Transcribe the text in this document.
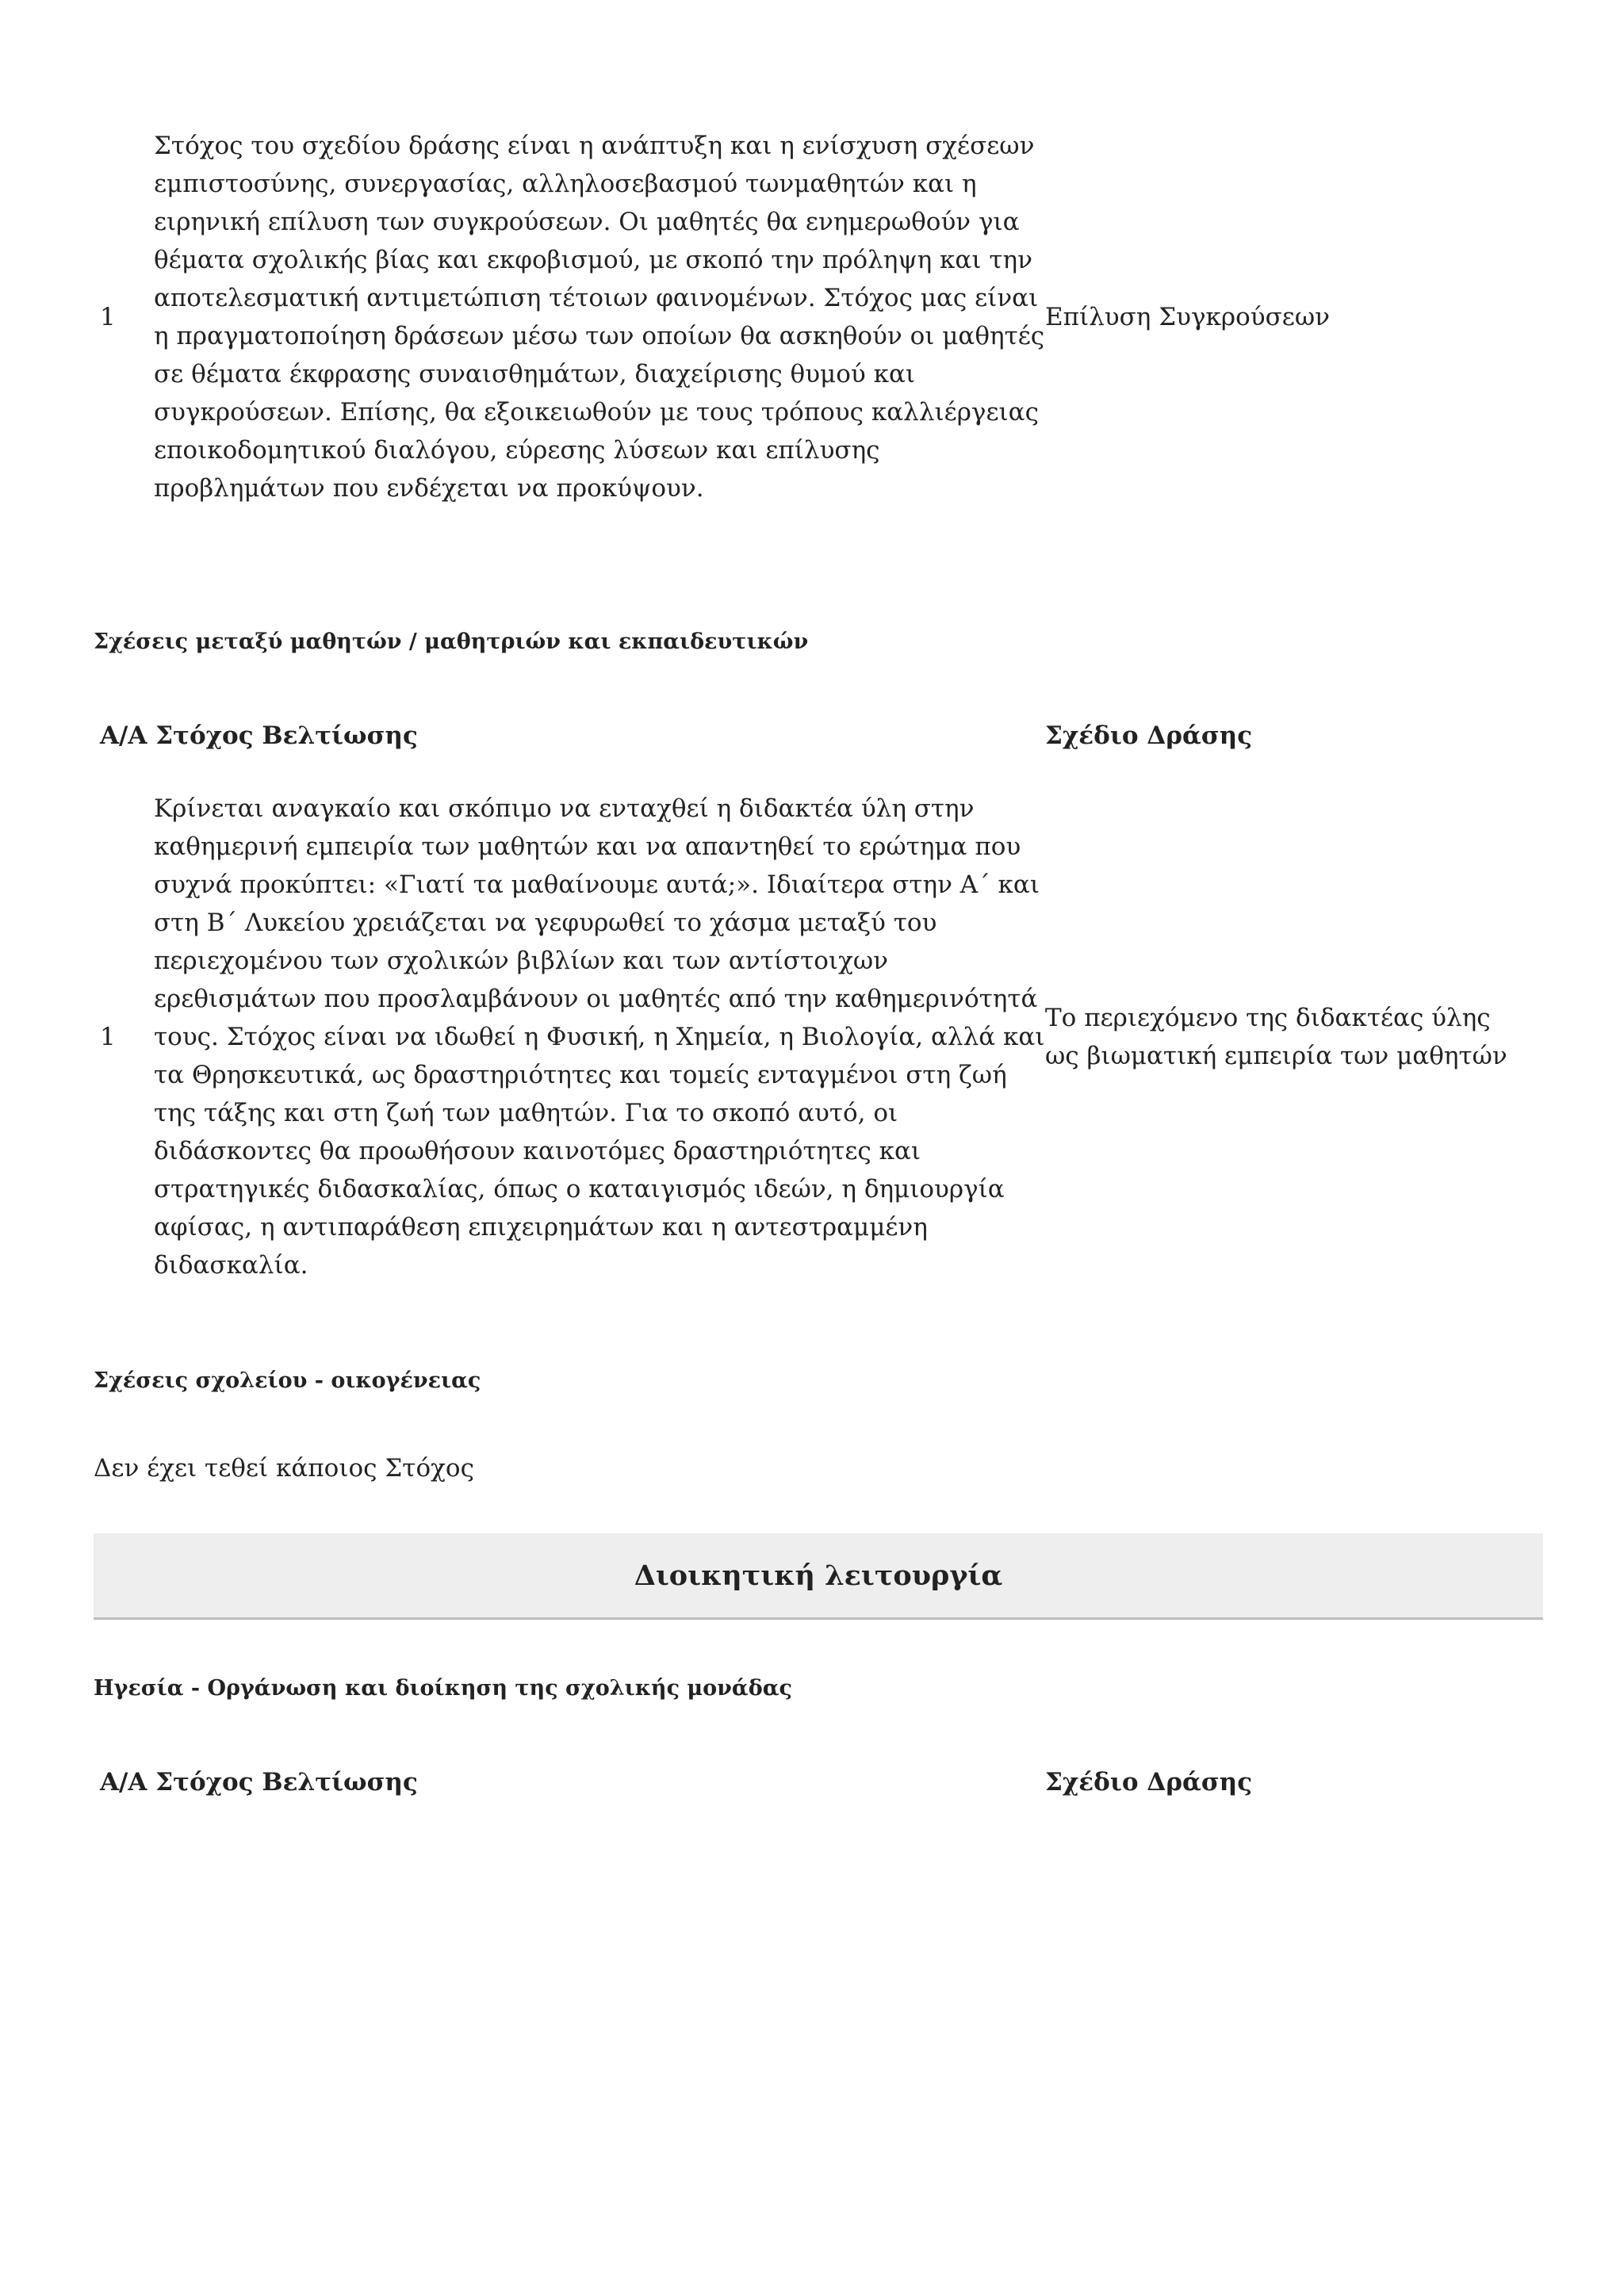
1
Στόχος του σχεδίου δράσης είναι η ανάπτυξη και η ενίσχυση σχέσεων εμπιστοσύνης, συνεργασίας, αλληλοσεβασμού τωνμαθητών και η ειρηνική επίλυση των συγκρούσεων. Οι μαθητές θα ενημερωθούν για θέματα σχολικής βίας και εκφοβισμού, με σκοπό την πρόληψη και την αποτελεσματική αντιμετώπιση τέτοιων φαινομένων. Στόχος μας είναι η πραγματοποίηση δράσεων μέσω των οποίων θα ασκηθούν οι μαθητές σε θέματα έκφρασης συναισθημάτων, διαχείρισης θυμού και συγκρούσεων. Επίσης, θα εξοικειωθούν με τους τρόπους καλλιέργειας εποικοδομητικού διαλόγου, εύρεσης λύσεων και επίλυσης προβλημάτων που ενδέχεται να προκύψουν.
Επίλυση Συγκρούσεων
Σχέσεις μεταξύ μαθητών / μαθητριών και εκπαιδευτικών
Α/Α Στόχος Βελτίωσης	Σχέδιο Δράσης
1
Κρίνεται αναγκαίο και σκόπιμο να ενταχθεί η διδακτέα ύλη στην καθημερινή εμπειρία των μαθητών και να απαντηθεί το ερώτημα που συχνά προκύπτει: «Γιατί τα μαθαίνουμε αυτά;». Ιδιαίτερα στην Α΄ και στη Β΄ Λυκείου χρειάζεται να γεφυρωθεί το χάσμα μεταξύ του περιεχομένου των σχολικών βιβλίων και των αντίστοιχων ερεθισμάτων που προσλαμβάνουν οι μαθητές από την καθημερινότητά τους. Στόχος είναι να ιδωθεί η Φυσική, η Χημεία, η Βιολογία, αλλά και τα Θρησκευτικά, ως δραστηριότητες και τομείς ενταγμένοι στη ζωή της τάξης και στη ζωή των μαθητών. Για το σκοπό αυτό, οι διδάσκοντες θα προωθήσουν καινοτόμες δραστηριότητες και στρατηγικές διδασκαλίας, όπως ο καταιγισμός ιδεών, η δημιουργία αφίσας, η αντιπαράθεση επιχειρημάτων και η αντεστραμμένη διδασκαλία.
Το περιεχόμενο της διδακτέας ύλης ως βιωματική εμπειρία των μαθητών
Σχέσεις σχολείου - οικογένειας
Δεν έχει τεθεί κάποιος Στόχος
Διοικητική λειτουργία
Ηγεσία - Οργάνωση και διοίκηση της σχολικής μονάδας
Α/Α Στόχος Βελτίωσης	Σχέδιο Δράσης
